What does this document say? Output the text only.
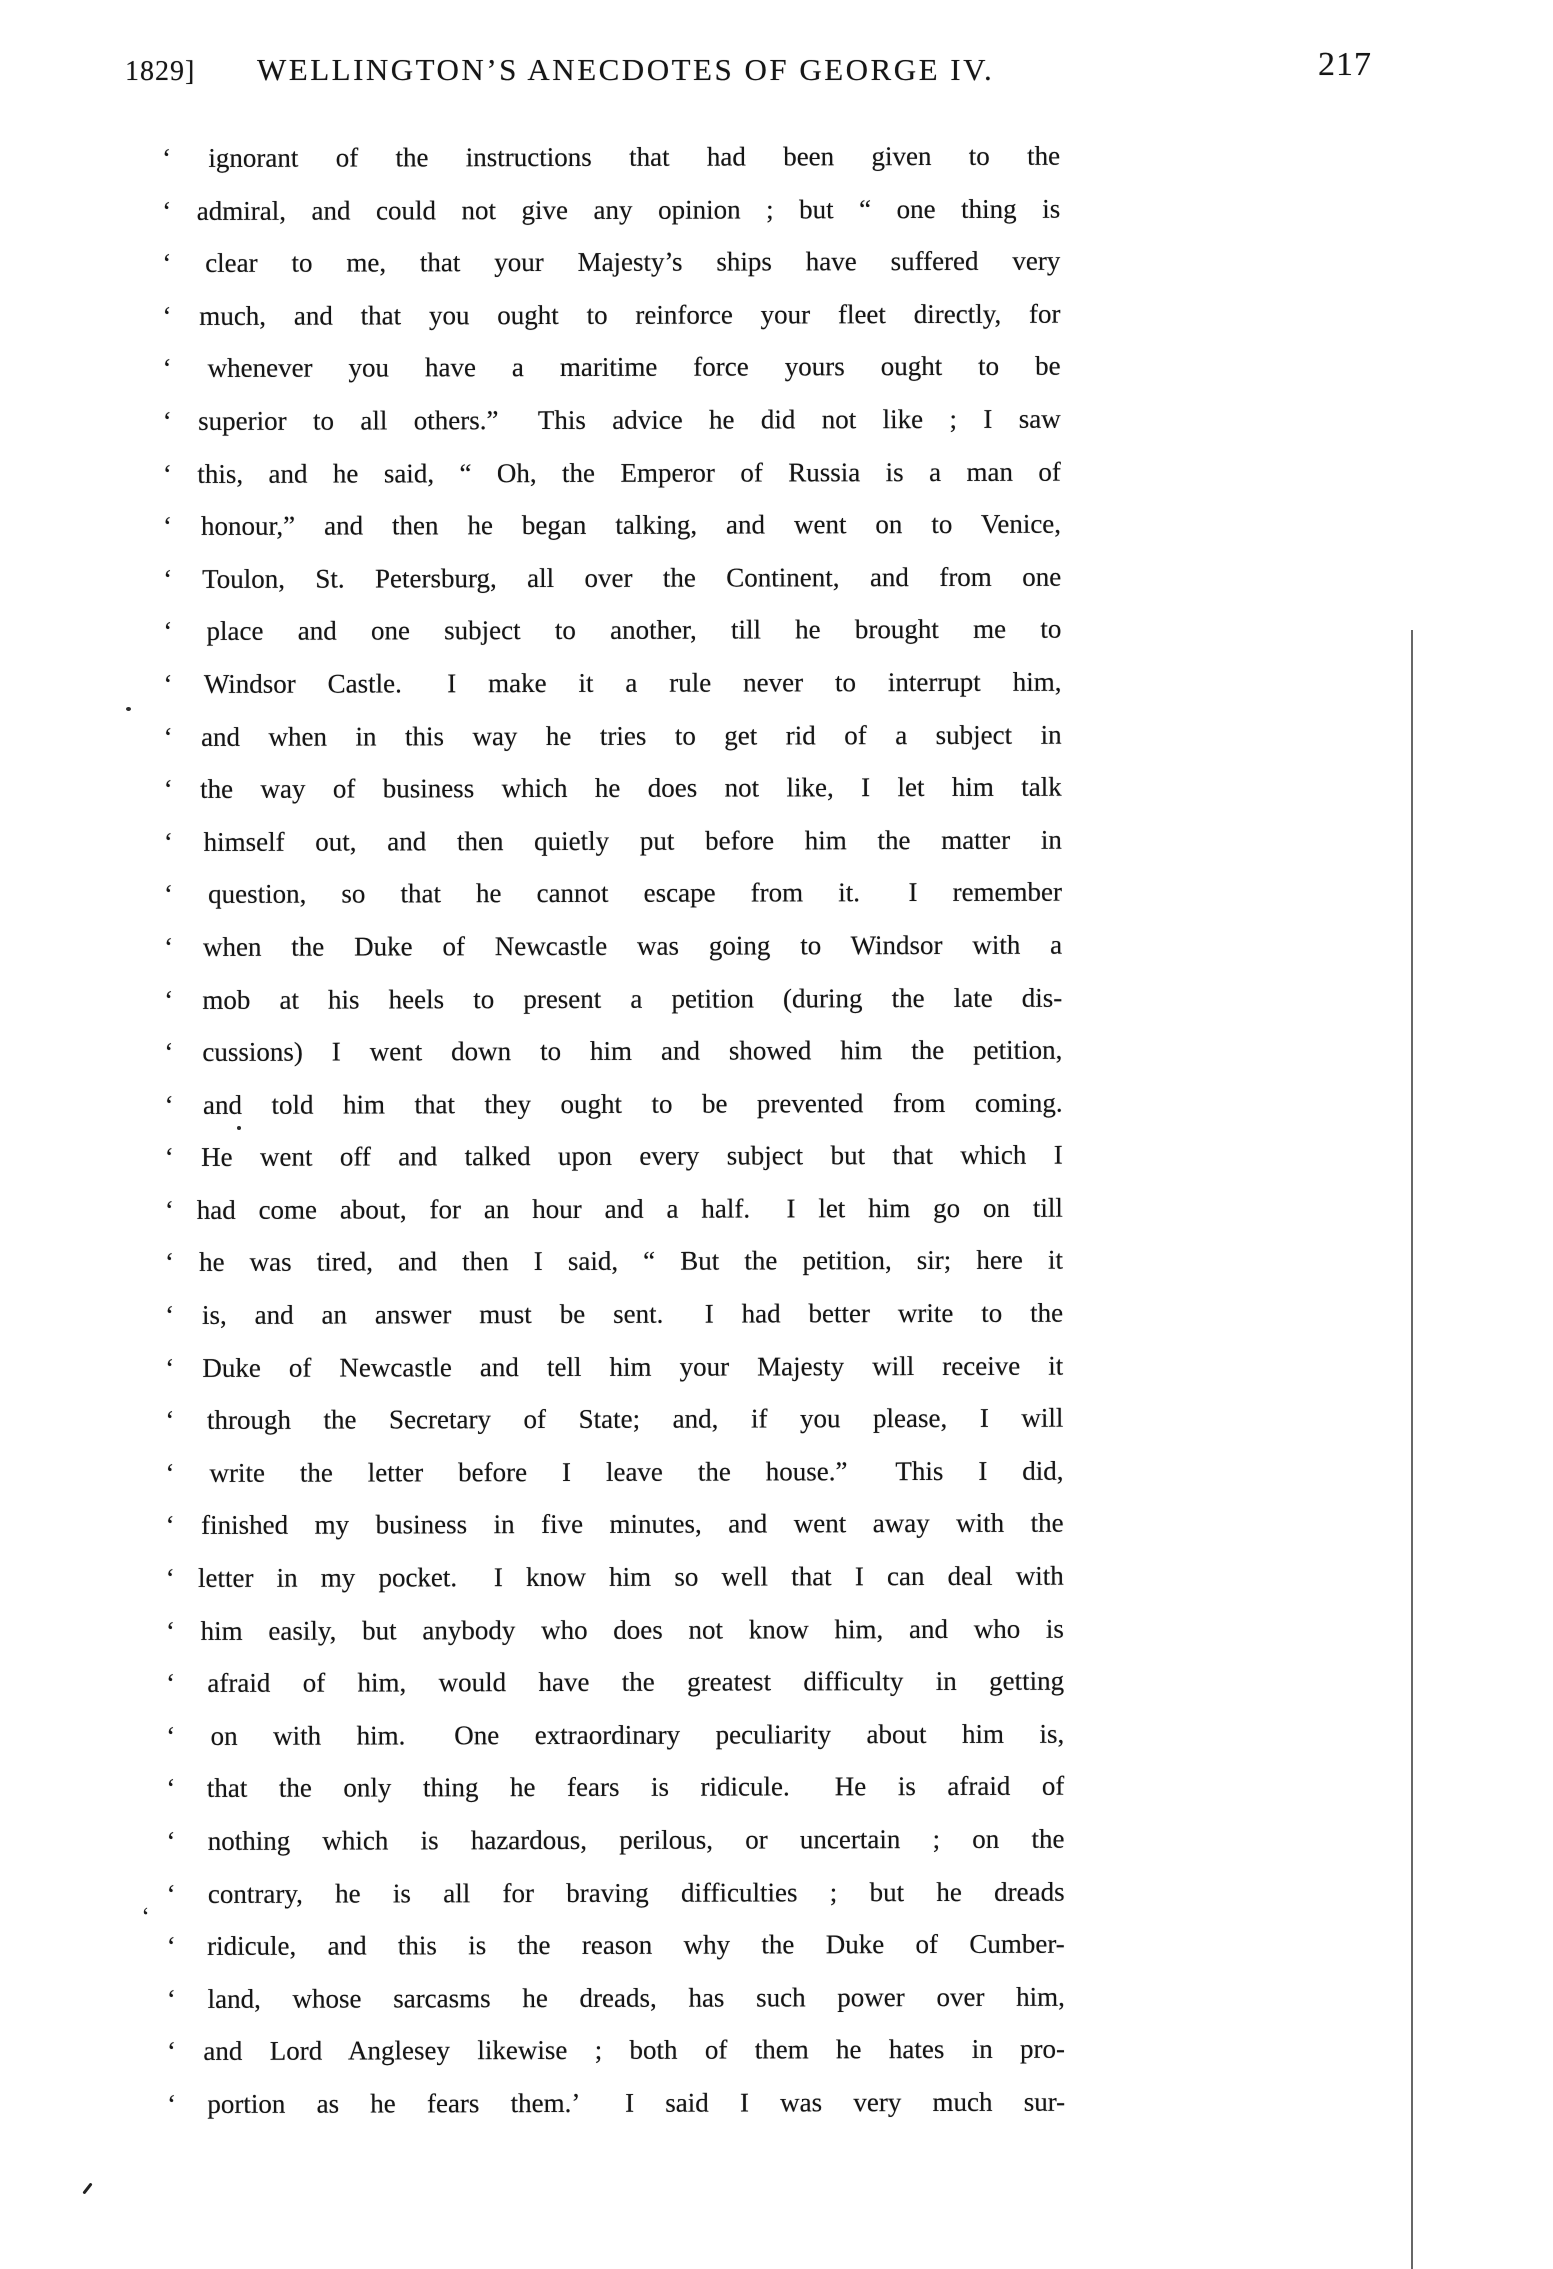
1829] WELLINGTON’S ANECDOTES OF GEORGE IV.	217
‘ ignorant of the instructions that had been given to the
‘ admiral, and could not give any opinion ; but “ one thing is
‘ clear to me, that your Majesty’s ships have suffered very
‘ much, and that you ought to reinforce your fleet directly, for
‘ whenever you have a maritime force yours ought to be
‘ superior to all others.”  This advice he did not like ; I saw
‘ this, and he said, “ Oh, the Emperor of Russia is a man of
‘ honour,” and then he began talking, and went on to Venice,
‘ Toulon, St. Petersburg, all over the Continent, and from one
‘ place and one subject to another, till he brought me to
‘ Windsor Castle.  I make it a rule never to interrupt him,
‘ and when in this way he tries to get rid of a subject in
‘ the way of business which he does not like, I let him talk
‘ himself out, and then quietly put before him the matter in
‘ question, so that he cannot escape from it.  I remember
‘ when the Duke of Newcastle was going to Windsor with a
‘ mob at his heels to present a petition (during the late dis-
‘ cussions) I went down to him and showed him the petition,
‘ and told him that they ought to be prevented from coming.
‘ He went off and talked upon every subject but that which I
‘ had come about, for an hour and a half.  I let him go on till
‘ he was tired, and then I said, “ But the petition, sir; here it
‘ is, and an answer must be sent.  I had better write to the
‘ Duke of Newcastle and tell him your Majesty will receive it
‘ through the Secretary of State; and, if you please, I will
‘ write the letter before I leave the house.”  This I did,
‘ finished my business in five minutes, and went away with the
‘ letter in my pocket.  I know him so well that I can deal with
‘ him easily, but anybody who does not know him, and who is
‘ afraid of him, would have the greatest difficulty in getting
‘ on with him.  One extraordinary peculiarity about him is,
‘ that the only thing he fears is ridicule.  He is afraid of
‘ nothing which is hazardous, perilous, or uncertain ; on the
‘ contrary, he is all for braving difficulties ; but he dreads
‘ ridicule, and this is the reason why the Duke of Cumber-
‘ land, whose sarcasms he dreads, has such power over him,
‘ and Lord Anglesey likewise ; both of them he hates in pro-
‘ portion as he fears them.’  I said I was very much sur-
‘
